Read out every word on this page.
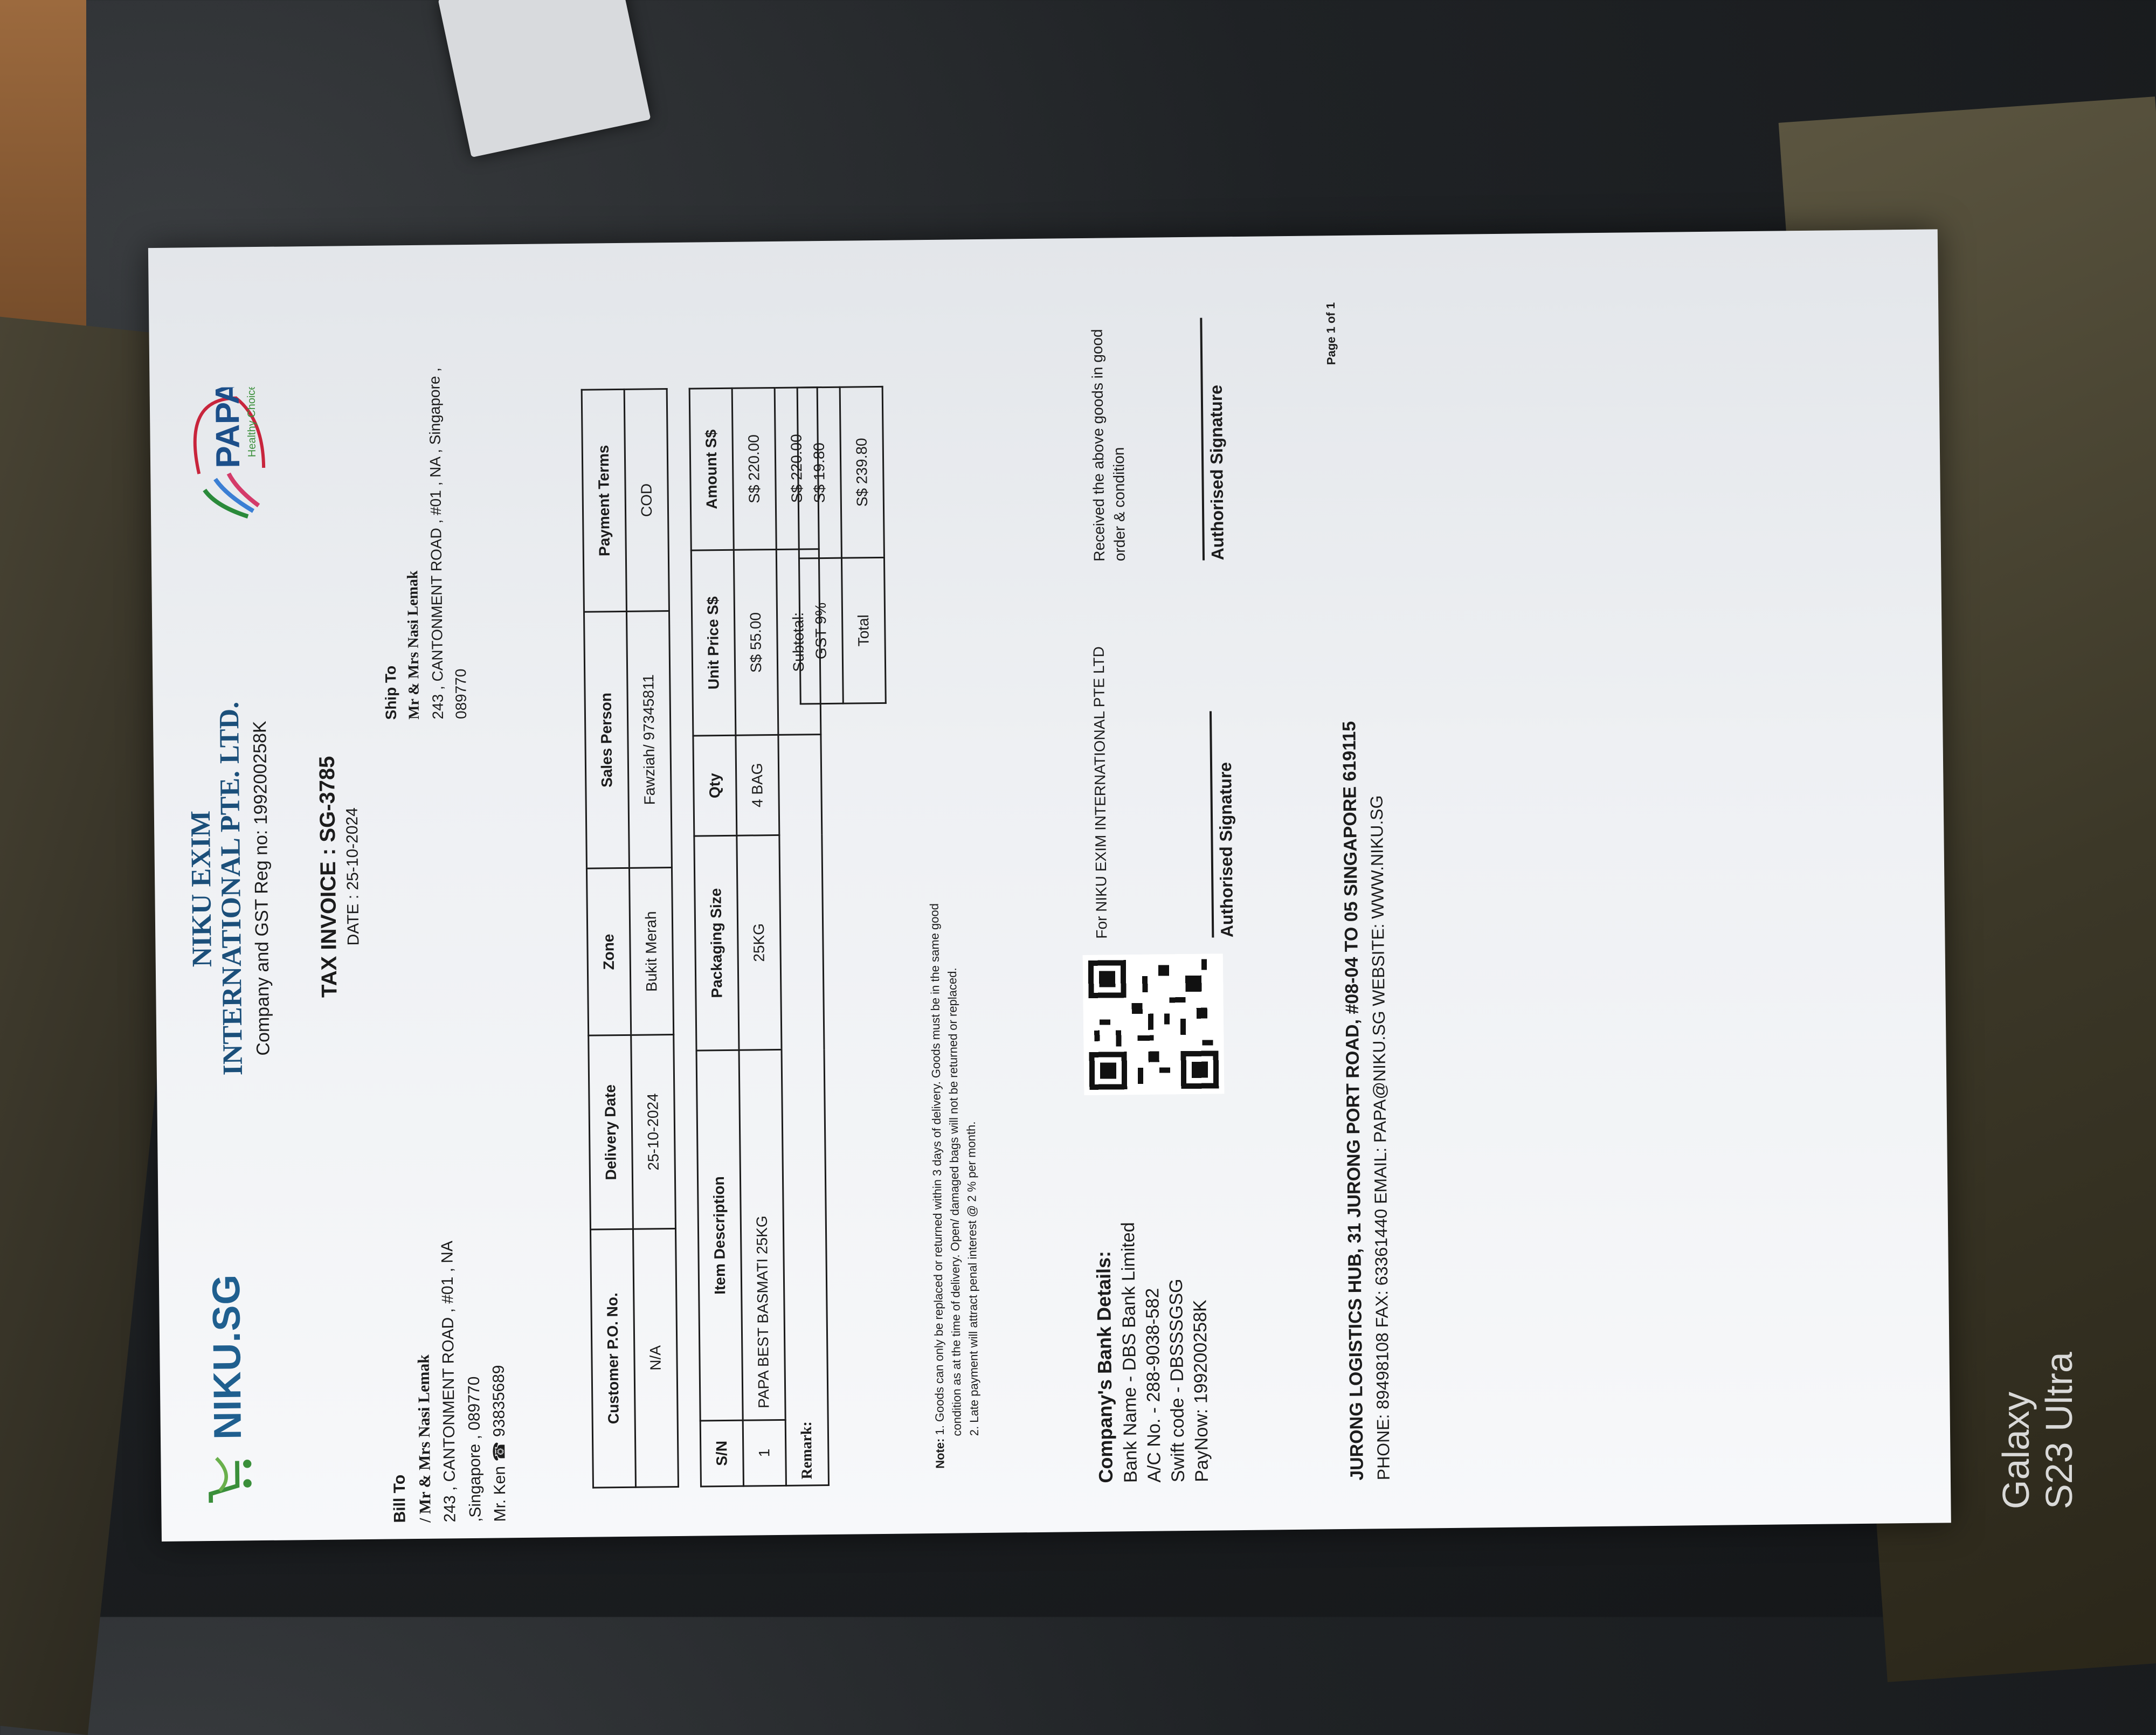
NIKU.SG
NIKU EXIM
INTERNATIONAL PTE. LTD. Company and GST Reg no: 199200258K
PAPA
Healthy Choice
TAX INVOICE : SG-3785 DATE : 25-10-2024
Bill To / Mr & Mrs Nasi Lemak 243 , CANTONMENT ROAD , #01 , NA ,Singapore , 089770 Mr. Ken ☎ 93835689
Ship To Mr & Mrs Nasi Lemak 243 , CANTONMENT ROAD , #01 , NA , Singapore , 089770
Customer P.O. No.	Delivery Date	Zone	Sales Person	Payment Terms
N/A	25-10-2024	Bukit Merah	Fawziah/ 97345811	COD
S/N	Item Description	Packaging Size	Qty	Unit Price S$	Amount S$
1	PAPA BEST BASMATI 25KG	25KG	4 BAG	S$ 55.00	S$ 220.00
Remark:				Subtotal:	S$ 220.00
GST 9%	S$ 19.80
Total	S$ 239.80
Note: 1. Goods can only be replaced or returned within 3 days of delivery. Goods must be in the same good
condition as at the time of delivery. Open/ damaged bags will not be returned or replaced. 2. Late payment will attract penal interest @ 2 % per month.	Company's Bank Details: Bank Name - DBS Bank Limited A/C No. - 288-9038-582 Swift code - DBSSSGSG PayNow: 199200258K
For NIKU EXIM INTERNATIONAL PTE LTD	Authorised Signature
Received the above goods in good order & condition	Authorised Signature
Page 1 of 1
JURONG LOGISTICS HUB, 31 JURONG PORT ROAD, #08-04 TO 05 SINGAPORE 619115
PHONE: 89498108 FAX: 63361440 EMAIL: PAPA@NIKU.SG WEBSITE: WWW.NIKU.SG	Galaxy S23 Ultra
